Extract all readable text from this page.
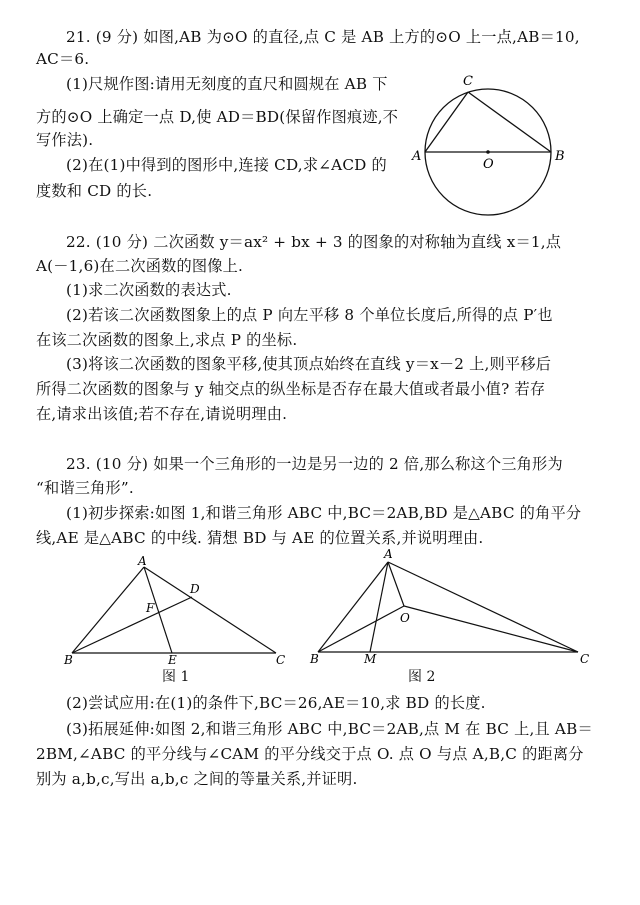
21. (9 分) 如图,AB 为⊙O 的直径,点 C 是 AB 上方的⊙O 上一点,AB＝10,
AC＝6.
(1)尺规作图:请用无刻度的直尺和圆规在 AB 下
方的⊙O 上确定一点 D,使 AD＝BD(保留作图痕迹,不
写作法).
(2)在(1)中得到的图形中,连接 CD,求∠ACD 的
度数和 CD 的长.
A	B
C
O
22. (10 分) 二次函数 y＝ax² + bx + 3 的图象的对称轴为直线 x＝1,点
A(－1,6)在二次函数的图像上.
(1)求二次函数的表达式.
(2)若该二次函数图象上的点 P 向左平移 8 个单位长度后,所得的点 P′也
在该二次函数的图象上,求点 P 的坐标.
(3)将该二次函数的图象平移,使其顶点始终在直线 y＝x－2 上,则平移后
所得二次函数的图象与 y 轴交点的纵坐标是否存在最大值或者最小值? 若存
在,请求出该值;若不存在,请说明理由.
23. (10 分) 如果一个三角形的一边是另一边的 2 倍,那么称这个三角形为
“和谐三角形”.
(1)初步探索:如图 1,和谐三角形 ABC 中,BC＝2AB,BD 是△ABC 的角平分
线,AE 是△ABC 的中线. 猜想 BD 与 AE 的位置关系,并说明理由.
A
B	C
D
E
F
图 1
A
B	C
M
O
图 2
(2)尝试应用:在(1)的条件下,BC＝26,AE＝10,求 BD 的长度.
(3)拓展延伸:如图 2,和谐三角形 ABC 中,BC＝2AB,点 M 在 BC 上,且 AB＝
2BM,∠ABC 的平分线与∠CAM 的平分线交于点 O. 点 O 与点 A,B,C 的距离分
别为 a,b,c,写出 a,b,c 之间的等量关系,并证明.
